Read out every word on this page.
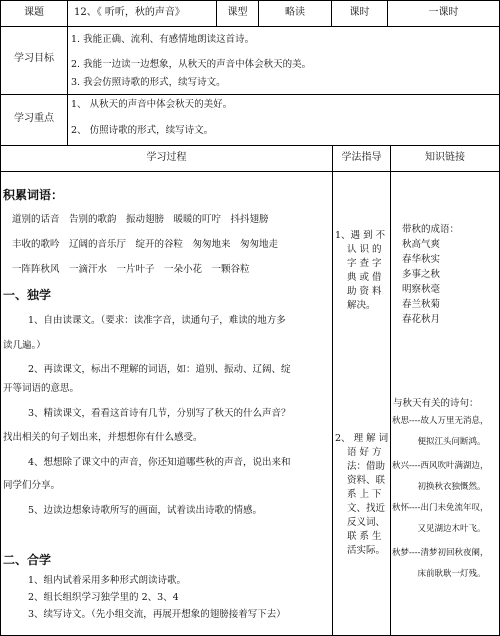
课题	12、《 听听，秋的声音》	课型	略读	课时	一课时
学习目标
1. 我能正确、流利、有感情地朗读这首诗。
2. 我能一边读一边想象，从秋天的声音中体会秋天的美。
3. 我会仿照诗歌的形式，续写诗文。
学习重点
1、 从秋天的声音中体会秋天的美好。
2、 仿照诗歌的形式，续写诗文。
学习过程	学法指导	知识链接
积累词语：
道别的话音　告别的歌韵　振动翅膀　暖暖的叮咛　抖抖翅膀
丰收的歌吟　辽阔的音乐厅　绽开的谷粒　匆匆地来　匆匆地走
一阵阵秋风　一滴汗水　一片叶子　一朵小花　一颗谷粒
一、独学
1、自由读课文。（要求：读准字音，读通句子，难读的地方多
读几遍。）
2、再读课文，标出不理解的词语，如：道别、振动、辽阔、绽
开等词语的意思。
3、精读课文，看看这首诗有几节，分别写了秋天的什么声音？
找出相关的句子划出来，并想想你有什么感受。
4、想想除了课文中的声音，你还知道哪些秋的声音，说出来和
同学们分享。
5、边读边想象诗歌所写的画面，试着读出诗歌的情感。
二、合学
1、组内试着采用多种形式朗读诗歌。
2、组长组织学习独学里的 2、3、4
3、续写诗文。（先小组交流，再展开想象的翅膀接着写下去）
1、遇 到 不
认 识 的
字 查 字
典 或 借
助 资 料
解决。
2、 理 解 词
语 好 方
法：借助
资料、联
系 上 下
文、找近
反义词、
联 系 生
活实际。
带秋的成语：
秋高气爽
春华秋实
多事之秋
明察秋毫
春兰秋菊
春花秋月
与秋天有关的诗句：
秋思----故人万里无消息，
　　　便拟江头问断鸿。
秋兴----西风吹叶满湖边，
　　　初换秋衣独慨然。
秋怀----出门未免流年叹，
　　　又见湖边木叶飞。
秋梦----清梦初回秋夜阑，
　　　床前耿耿一灯残。
